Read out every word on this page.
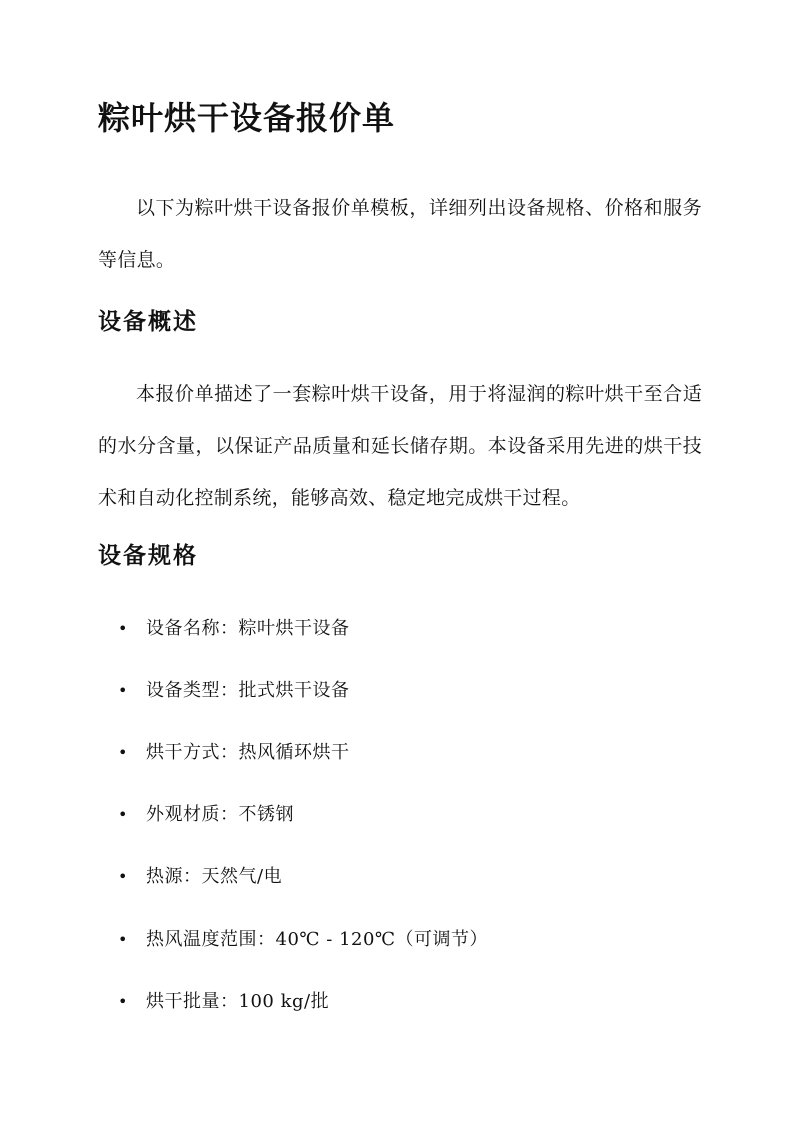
粽叶烘干设备报价单

以下为粽叶烘干设备报价单模板，详细列出设备规格、价格和服务等信息。

设备概述

本报价单描述了一套粽叶烘干设备，用于将湿润的粽叶烘干至合适的水分含量，以保证产品质量和延长储存期。本设备采用先进的烘干技术和自动化控制系统，能够高效、稳定地完成烘干过程。

设备规格
• 设备名称：粽叶烘干设备
• 设备类型：批式烘干设备
• 烘干方式：热风循环烘干
• 外观材质：不锈钢
• 热源：天然气/电
• 热风温度范围：40℃ - 120℃（可调节）
• 烘干批量：100 kg/批
